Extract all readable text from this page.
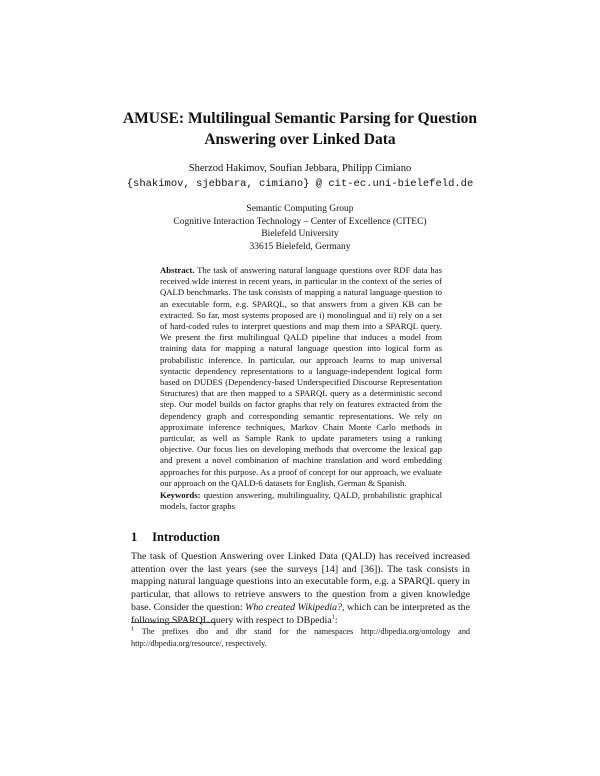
AMUSE: Multilingual Semantic Parsing for Question
Answering over Linked Data
Sherzod Hakimov, Soufian Jebbara, Philipp Cimiano
{shakimov, sjebbara, cimiano} @ cit-ec.uni-bielefeld.de
Semantic Computing Group
Cognitive Interaction Technology – Center of Excellence (CITEC)
Bielefeld University
33615 Bielefeld, Germany
Abstract. The task of answering natural language questions over RDF data has received wIde interest in recent years, in particular in the context of the series of QALD benchmarks. The task consists of mapping a natural language question to an executable form, e.g. SPARQL, so that answers from a given KB can be extracted. So far, most systems proposed are i) monolingual and ii) rely on a set of hard-coded rules to interpret questions and map them into a SPARQL query. We present the first multilingual QALD pipeline that induces a model from training data for mapping a natural language question into logical form as probabilistic inference. In particular, our approach learns to map universal syntactic dependency representations to a language-independent logical form based on DUDES (Dependency-based Underspecified Discourse Representation Structures) that are then mapped to a SPARQL query as a deterministic second step. Our model builds on factor graphs that rely on features extracted from the dependency graph and corresponding semantic representations. We rely on approximate inference techniques, Markov Chain Monte Carlo methods in particular, as well as Sample Rank to update parameters using a ranking objective. Our focus lies on developing methods that overcome the lexical gap and present a novel combination of machine translation and word embedding approaches for this purpose. As a proof of concept for our approach, we evaluate our approach on the QALD-6 datasets for English, German & Spanish.
Keywords: question answering, multilinguality, QALD, probabilistic graphical models, factor graphs
1 Introduction
The task of Question Answering over Linked Data (QALD) has received increased attention over the last years (see the surveys [14] and [36]). The task consists in mapping natural language questions into an executable form, e.g. a SPARQL query in particular, that allows to retrieve answers to the question from a given knowledge base. Consider the question: Who created Wikipedia?, which can be interpreted as the following SPARQL query with respect to DBpedia$^1$:
$^1$ The prefixes dbo and dbr stand for the namespaces http://dbpedia.org/ontology and http://dbpedia.org/resource/, respectively.
